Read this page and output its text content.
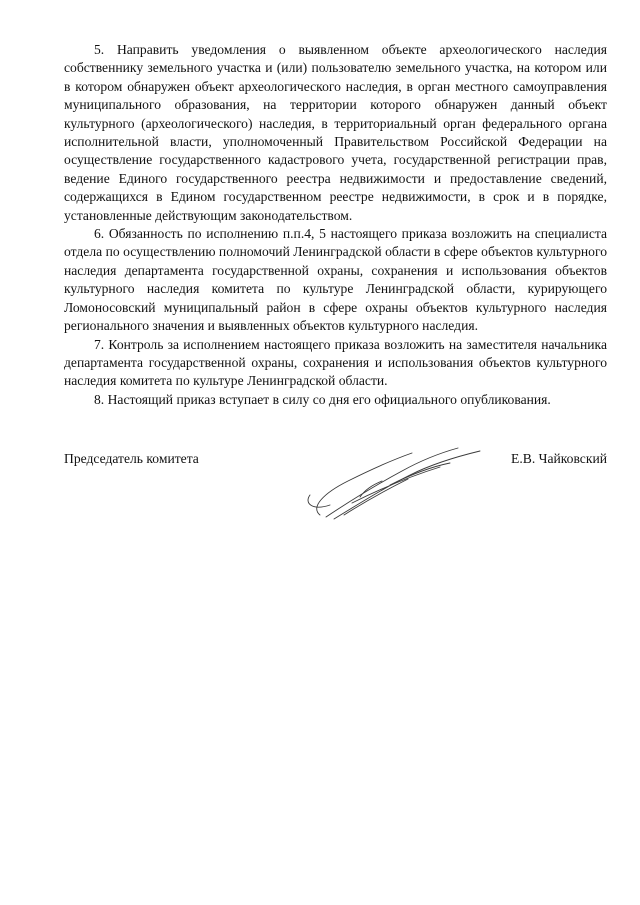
5. Направить уведомления о выявленном объекте археологического наследия собственнику земельного участка и (или) пользователю земельного участка, на котором или в котором обнаружен объект археологического наследия, в орган местного самоуправления муниципального образования, на территории которого обнаружен данный объект культурного (археологического) наследия, в территориальный орган федерального органа исполнительной власти, уполномоченный Правительством Российской Федерации на осуществление государственного кадастрового учета, государственной регистрации прав, ведение Единого государственного реестра недвижимости и предоставление сведений, содержащихся в Едином государственном реестре недвижимости, в срок и в порядке, установленные действующим законодательством.

6. Обязанность по исполнению п.п.4, 5 настоящего приказа возложить на специалиста отдела по осуществлению полномочий Ленинградской области в сфере объектов культурного наследия департамента государственной охраны, сохранения и использования объектов культурного наследия комитета по культуре Ленинградской области, курирующего Ломоносовский муниципальный район в сфере охраны объектов культурного наследия регионального значения и выявленных объектов культурного наследия.

7. Контроль за исполнением настоящего приказа возложить на заместителя начальника департамента государственной охраны, сохранения и использования объектов культурного наследия комитета по культуре Ленинградской области.

8. Настоящий приказ вступает в силу со дня его официального опубликования.

Председатель комитета	Е.В. Чайковский
